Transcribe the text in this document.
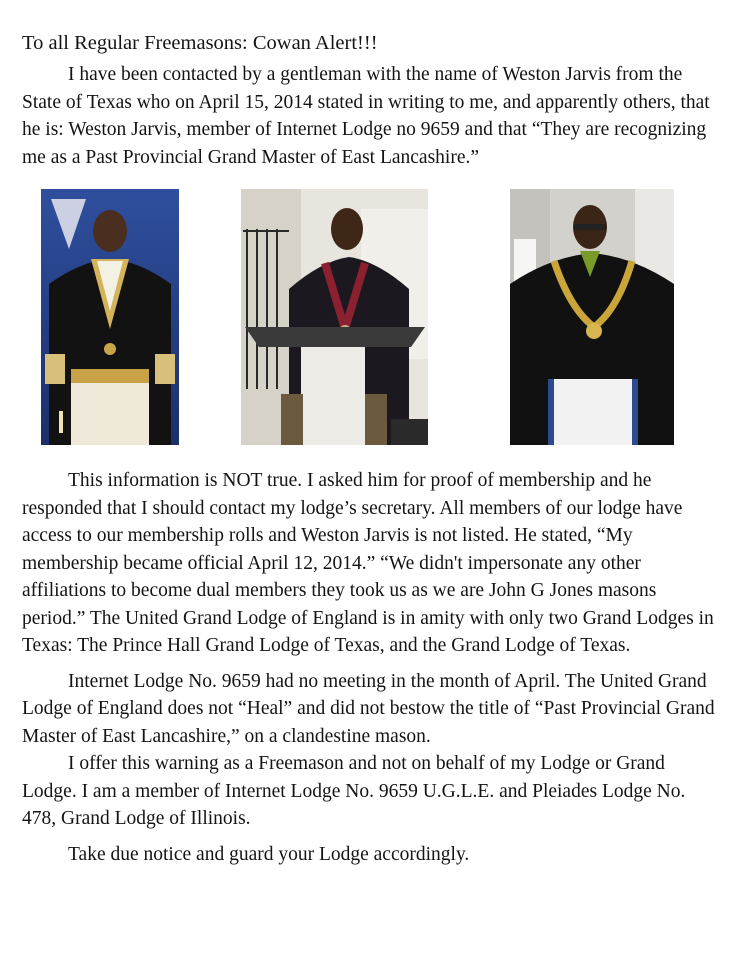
To all Regular Freemasons: Cowan Alert!!!

I have been contacted by a gentleman with the name of Weston Jarvis from the State of Texas who on April 15, 2014 stated in writing to me, and apparently others, that he is: Weston Jarvis, member of Internet Lodge no 9659 and that “They are recognizing me as a Past Provincial Grand Master of East Lancashire.”

This information is NOT true. I asked him for proof of membership and he responded that I should contact my lodge’s secretary. All members of our lodge have access to our membership rolls and Weston Jarvis is not listed. He stated, “My membership became official April 12, 2014.” “We didn't impersonate any other affiliations to become dual members they took us as we are John G Jones masons period.” The United Grand Lodge of England is in amity with only two Grand Lodges in Texas: The Prince Hall Grand Lodge of Texas, and the Grand Lodge of Texas.

Internet Lodge No. 9659 had no meeting in the month of April. The United Grand Lodge of England does not “Heal” and did not bestow the title of “Past Provincial Grand Master of East Lancashire,” on a clandestine mason.

I offer this warning as a Freemason and not on behalf of my Lodge or Grand Lodge. I am a member of Internet Lodge No. 9659 U.G.L.E. and Pleiades Lodge No. 478, Grand Lodge of Illinois.

Take due notice and guard your Lodge accordingly.
